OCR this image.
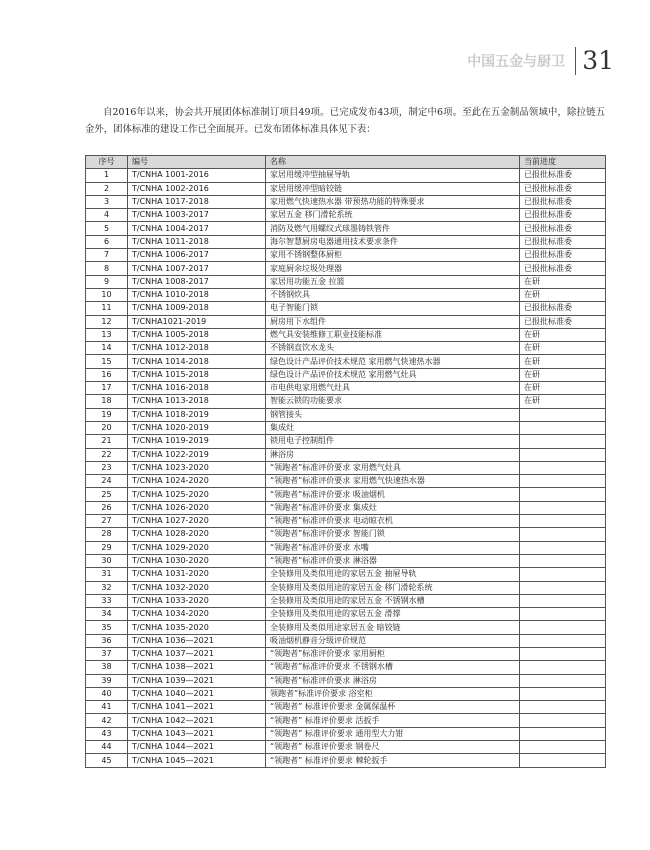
中国五金与厨卫 31

自2016年以来，协会共开展团体标准制订项目49项。已完成发布43项，制定中6项。至此在五金制品领域中，除拉链五金外，团体标准的建设工作已全面展开。已发布团体标准具体见下表：

序号	编号	名称	当前进度
1	T/CNHA 1001-2016	家居用缓冲型抽屉导轨	已报批标准委
2	T/CNHA 1002-2016	家居用缓冲型暗铰链	已报批标准委
3	T/CNHA 1017-2018	家用燃气快速热水器 带预热功能的特殊要求	已报批标准委
4	T/CNHA 1003-2017	家居五金 移门滑轮系统	已报批标准委
5	T/CNHA 1004-2017	消防及燃气用螺纹式球墨铸铁管件	已报批标准委
6	T/CNHA 1011-2018	海尔智慧厨房电器通用技术要求条件	已报批标准委
7	T/CNHA 1006-2017	家用不锈钢整体厨柜	已报批标准委
8	T/CNHA 1007-2017	家庭厨余垃圾处理器	已报批标准委
9	T/CNHA 1008-2017	家居用功能五金 拉篮	在研
10	T/CNHA 1010-2018	不锈钢炊具	在研
11	T/CNHA 1009-2018	电子智能门锁	已报批标准委
12	T/CNHA1021-2019	厨房用下水组件	已报批标准委
13	T/CNHA 1005-2018	燃气具安装维修工职业技能标准	在研
14	T/CNHA 1012-2018	不锈钢直饮水龙头	在研
15	T/CNHA 1014-2018	绿色设计产品评价技术规范 家用燃气快速热水器	在研
16	T/CNHA 1015-2018	绿色设计产品评价技术规范 家用燃气灶具	在研
17	T/CNHA 1016-2018	市电供电家用燃气灶具	在研
18	T/CNHA 1013-2018	智能云锁的功能要求	在研
19	T/CNHA 1018-2019	钢管接头	
20	T/CNHA 1020-2019	集成灶	
21	T/CNHA 1019-2019	锁用电子控制组件	
22	T/CNHA 1022-2019	淋浴房	
23	T/CNHA 1023-2020	“领跑者”标准评价要求 家用燃气灶具	
24	T/CNHA 1024-2020	“领跑者”标准评价要求 家用燃气快速热水器	
25	T/CNHA 1025-2020	“领跑者”标准评价要求 吸油烟机	
26	T/CNHA 1026-2020	“领跑者”标准评价要求 集成灶	
27	T/CNHA 1027-2020	“领跑者”标准评价要求 电动晾衣机	
28	T/CNHA 1028-2020	“领跑者”标准评价要求 智能门锁	
29	T/CNHA 1029-2020	“领跑者”标准评价要求 水嘴	
30	T/CNHA 1030-2020	“领跑者”标准评价要求 淋浴器	
31	T/CNHA 1031-2020	全装修用及类似用途的家居五金 抽屉导轨	
32	T/CNHA 1032-2020	全装修用及类似用途的家居五金 移门滑轮系统	
33	T/CNHA 1033-2020	全装修用及类似用途的家居五金 不锈钢水槽	
34	T/CNHA 1034-2020	全装修用及类似用途的家居五金 滑撑	
35	T/CNHA 1035-2020	全装修用及类似用途家居五金 暗铰链	
36	T/CNHA 1036—2021	吸油烟机静音分级评价规范	
37	T/CNHA 1037—2021	“领跑者”标准评价要求 家用厨柜	
38	T/CNHA 1038—2021	“领跑者”标准评价要求 不锈钢水槽	
39	T/CNHA 1039—2021	“领跑者”标准评价要求 淋浴房	
40	T/CNHA 1040—2021	领跑者”标准评价要求 浴室柜	
41	T/CNHA 1041—2021	“领跑者” 标准评价要求 金属保温杯	
42	T/CNHA 1042—2021	“领跑者” 标准评价要求 活扳手	
43	T/CNHA 1043—2021	“领跑者” 标准评价要求 通用型大力钳	
44	T/CNHA 1044—2021	“领跑者” 标准评价要求 钢卷尺	
45	T/CNHA 1045—2021	“领跑者” 标准评价要求 棘轮扳手	
